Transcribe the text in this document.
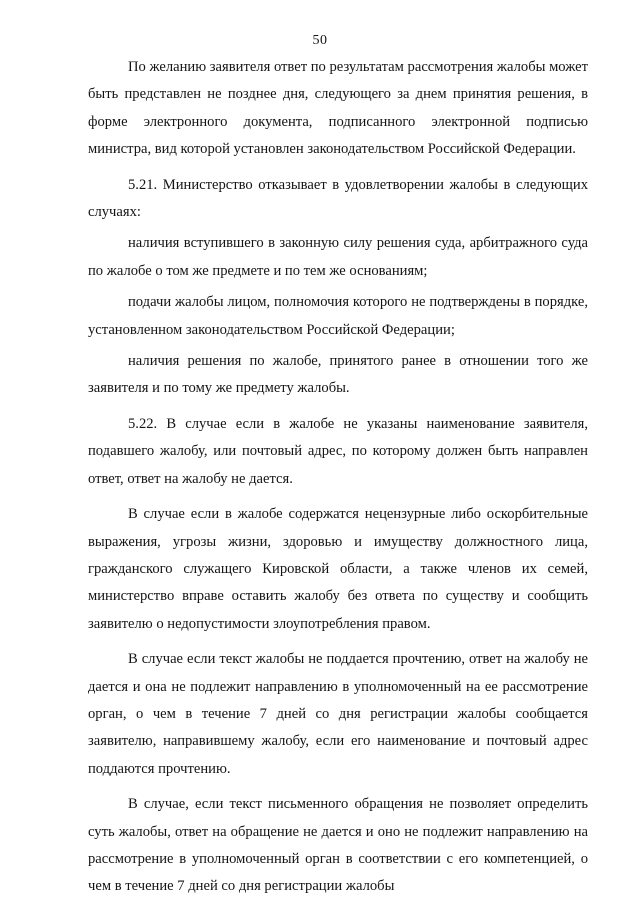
50

По желанию заявителя ответ по результатам рассмотрения жалобы может быть представлен не позднее дня, следующего за днем принятия решения, в форме электронного документа, подписанного электронной подписью министра, вид которой установлен законодательством Российской Федерации.

5.21. Министерство отказывает в удовлетворении жалобы в следующих случаях:

наличия вступившего в законную силу решения суда, арбитражного суда по жалобе о том же предмете и по тем же основаниям;

подачи жалобы лицом, полномочия которого не подтверждены в порядке, установленном законодательством Российской Федерации;

наличия решения по жалобе, принятого ранее в отношении того же заявителя и по тому же предмету жалобы.

5.22. В случае если в жалобе не указаны наименование заявителя, подавшего жалобу, или почтовый адрес, по которому должен быть направлен ответ, ответ на жалобу не дается.

В случае если в жалобе содержатся нецензурные либо оскорбительные выражения, угрозы жизни, здоровью и имуществу должностного лица, гражданского служащего Кировской области, а также членов их семей, министерство вправе оставить жалобу без ответа по существу и сообщить заявителю о недопустимости злоупотребления правом.

В случае если текст жалобы не поддается прочтению, ответ на жалобу не дается и она не подлежит направлению в уполномоченный на ее рассмотрение орган, о чем в течение 7 дней со дня регистрации жалобы сообщается заявителю, направившему жалобу, если его наименование и почтовый адрес поддаются прочтению.

В случае, если текст письменного обращения не позволяет определить суть жалобы, ответ на обращение не дается и оно не подлежит направлению на рассмотрение в уполномоченный орган в соответствии с его компетенцией, о чем в течение 7 дней со дня регистрации жалобы
